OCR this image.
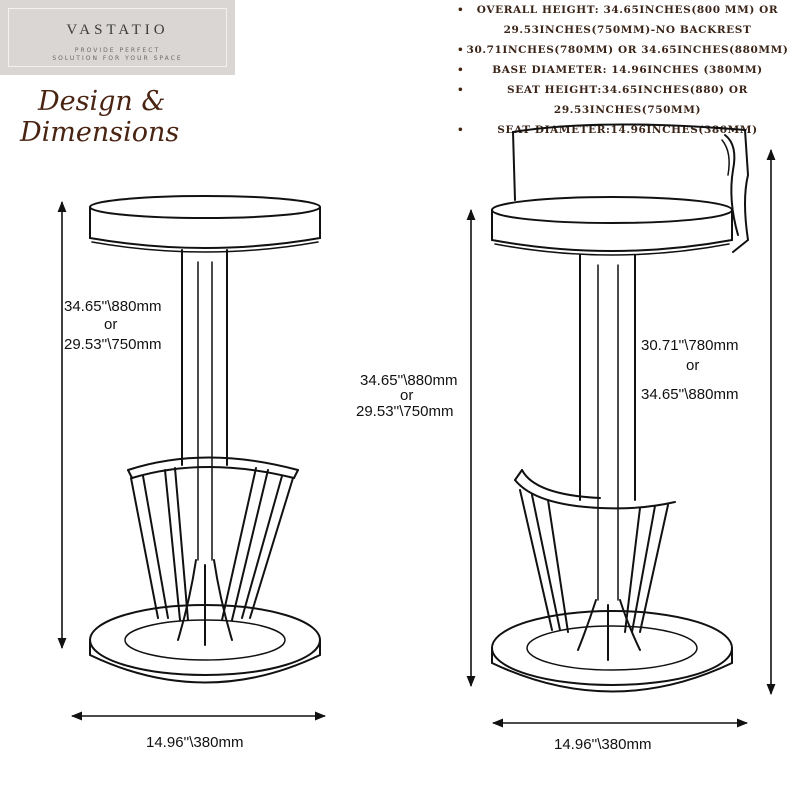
VASTATIO
PROVIDE PERFECT
SOLUTION FOR YOUR SPACE
Design &
Dimensions
• OVERALL HEIGHT: 34.65INCHES(800 MM) OR 29.53INCHES(750MM)-NO BACKREST
• 30.71INCHES(780MM) OR 34.65INCHES(880MM)
• BASE DIAMETER: 14.96INCHES (380MM)
• SEAT HEIGHT:34.65INCHES(880) OR 29.53INCHES(750MM)
• SEAT DIAMETER:14.96INCHES(380MM)
34.65''\880mm
or
29.53''\750mm
14.96''\380mm
34.65''\880mm
or
29.53''\750mm
30.71''\780mm
or
34.65''\880mm
14.96''\380mm
